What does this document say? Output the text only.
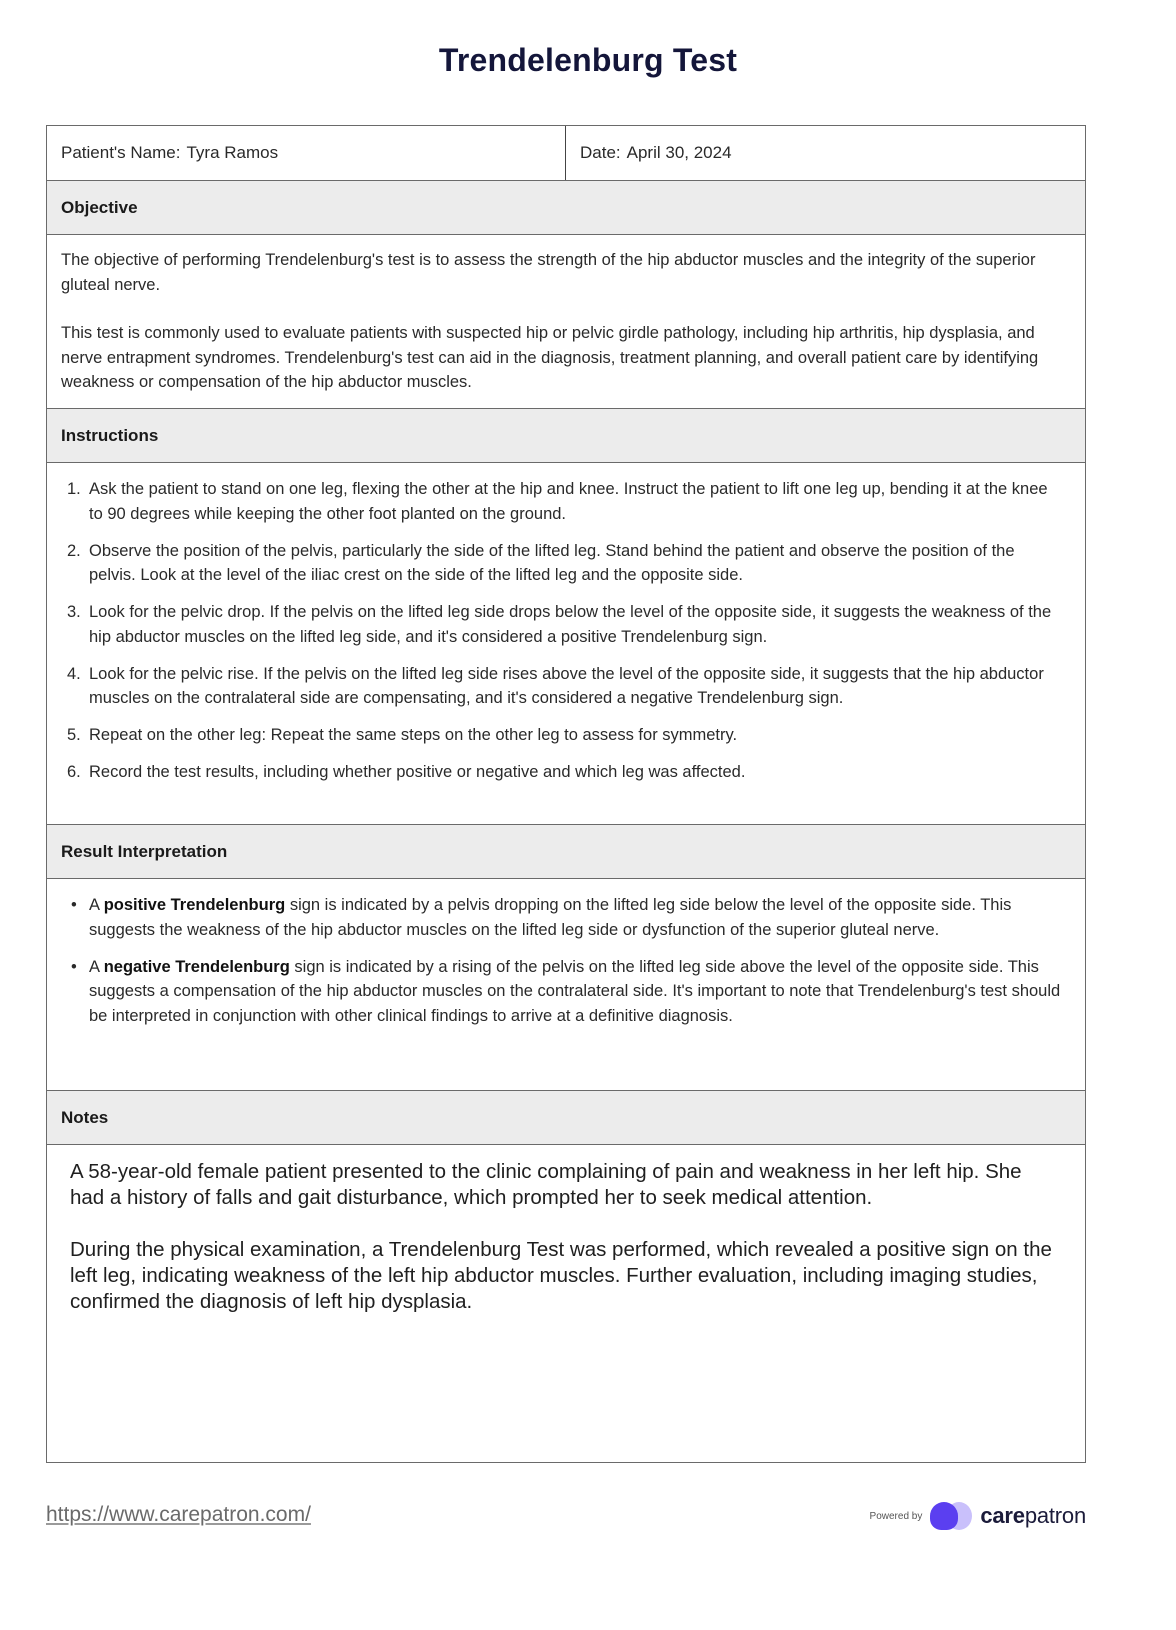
Trendelenburg Test
Patient's Name: Tyra Ramos	Date: April 30, 2024
Objective

The objective of performing Trendelenburg's test is to assess the strength of the hip abductor muscles and the integrity of the superior gluteal nerve.

This test is commonly used to evaluate patients with suspected hip or pelvic girdle pathology, including hip arthritis, hip dysplasia, and nerve entrapment syndromes. Trendelenburg's test can aid in the diagnosis, treatment planning, and overall patient care by identifying weakness or compensation of the hip abductor muscles.

Instructions
1. Ask the patient to stand on one leg, flexing the other at the hip and knee. Instruct the patient to lift one leg up, bending it at the knee to 90 degrees while keeping the other foot planted on the ground.
2. Observe the position of the pelvis, particularly the side of the lifted leg. Stand behind the patient and observe the position of the pelvis. Look at the level of the iliac crest on the side of the lifted leg and the opposite side.
3. Look for the pelvic drop. If the pelvis on the lifted leg side drops below the level of the opposite side, it suggests the weakness of the hip abductor muscles on the lifted leg side, and it's considered a positive Trendelenburg sign.
4. Look for the pelvic rise. If the pelvis on the lifted leg side rises above the level of the opposite side, it suggests that the hip abductor muscles on the contralateral side are compensating, and it's considered a negative Trendelenburg sign.
5. Repeat on the other leg: Repeat the same steps on the other leg to assess for symmetry.
6. Record the test results, including whether positive or negative and which leg was affected.
Result Interpretation
• A positive Trendelenburg sign is indicated by a pelvis dropping on the lifted leg side below the level of the opposite side. This suggests the weakness of the hip abductor muscles on the lifted leg side or dysfunction of the superior gluteal nerve.
• A negative Trendelenburg sign is indicated by a rising of the pelvis on the lifted leg side above the level of the opposite side. This suggests a compensation of the hip abductor muscles on the contralateral side. It's important to note that Trendelenburg's test should be interpreted in conjunction with other clinical findings to arrive at a definitive diagnosis.
Notes

A 58-year-old female patient presented to the clinic complaining of pain and weakness in her left hip. She had a history of falls and gait disturbance, which prompted her to seek medical attention.

During the physical examination, a Trendelenburg Test was performed, which revealed a positive sign on the left leg, indicating weakness of the left hip abductor muscles. Further evaluation, including imaging studies, confirmed the diagnosis of left hip dysplasia.

https://www.carepatron.com/	Powered by	carepatron
